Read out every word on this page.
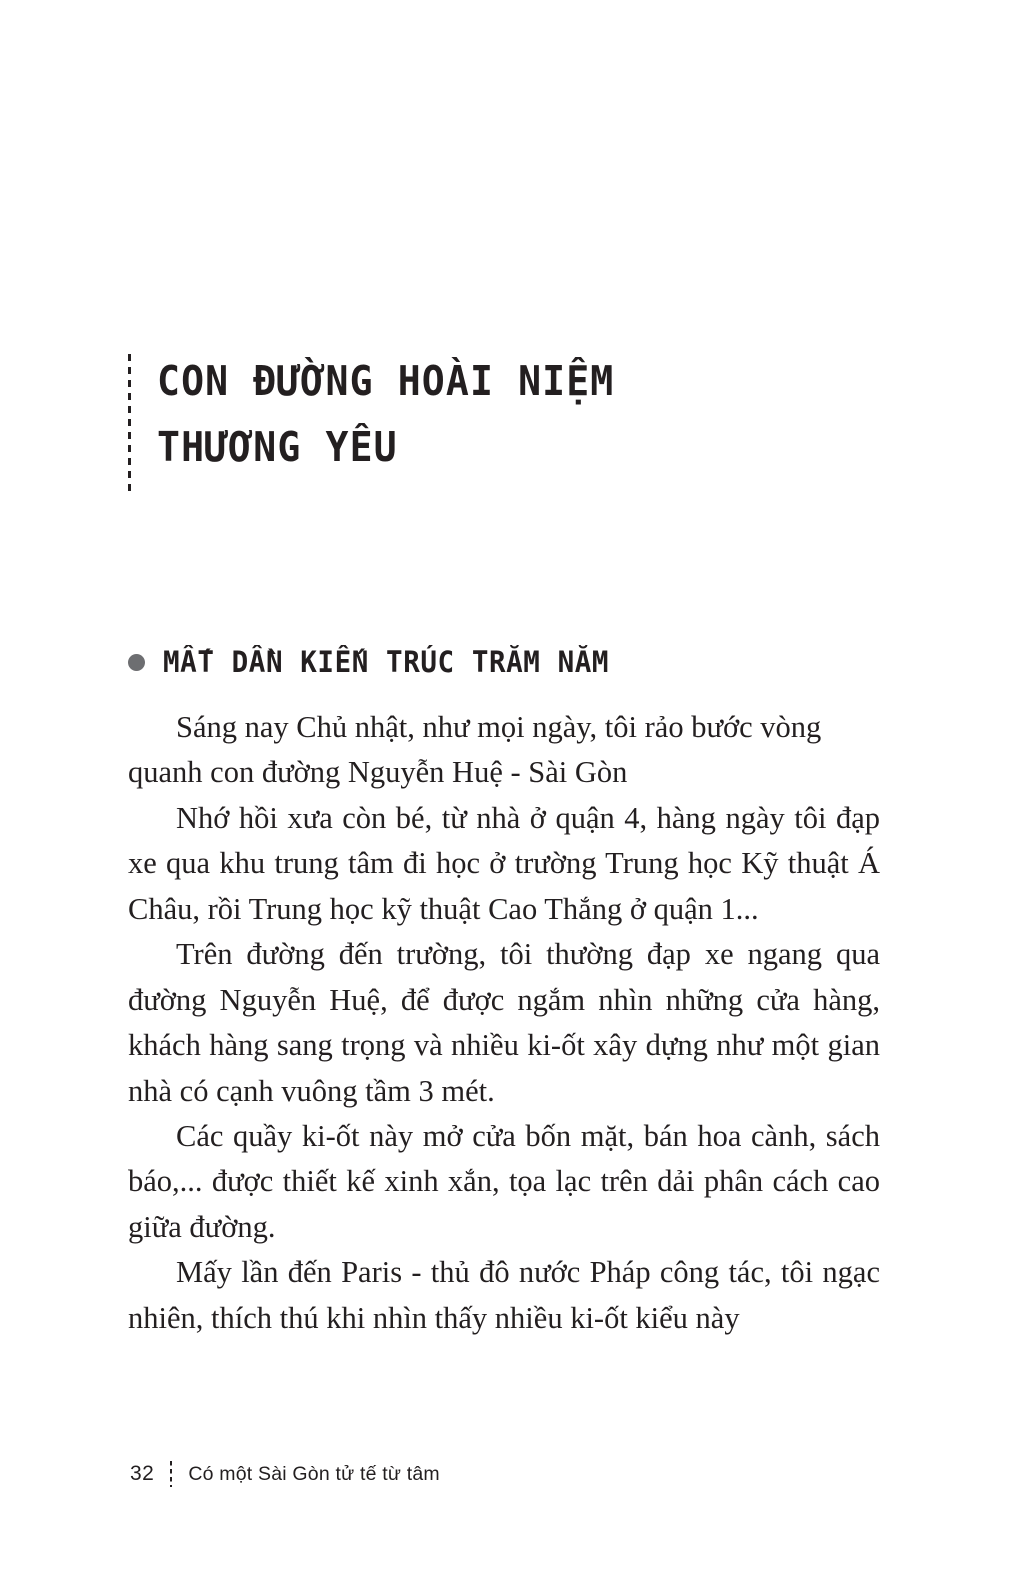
CON ĐƯỜNG HOÀI NIỆM
THƯƠNG YÊU
MẤT DẦN KIẾN TRÚC TRĂM NĂM

Sáng nay Chủ nhật, như mọi ngày, tôi rảo bước vòng quanh con đường Nguyễn Huệ - Sài Gòn

Nhớ hồi xưa còn bé, từ nhà ở quận 4, hàng ngày tôi đạp xe qua khu trung tâm đi học ở trường Trung học Kỹ thuật Á Châu, rồi Trung học kỹ thuật Cao Thắng ở quận 1...

Trên đường đến trường, tôi thường đạp xe ngang qua đường Nguyễn Huệ, để được ngắm nhìn những cửa hàng, khách hàng sang trọng và nhiều ki-ốt xây dựng như một gian nhà có cạnh vuông tầm 3 mét.

Các quầy ki-ốt này mở cửa bốn mặt, bán hoa cành, sách báo,... được thiết kế xinh xắn, tọa lạc trên dải phân cách cao giữa đường.

Mấy lần đến Paris - thủ đô nước Pháp công tác, tôi ngạc nhiên, thích thú khi nhìn thấy nhiều ki-ốt kiểu này

32 Có một Sài Gòn tử tế từ tâm
